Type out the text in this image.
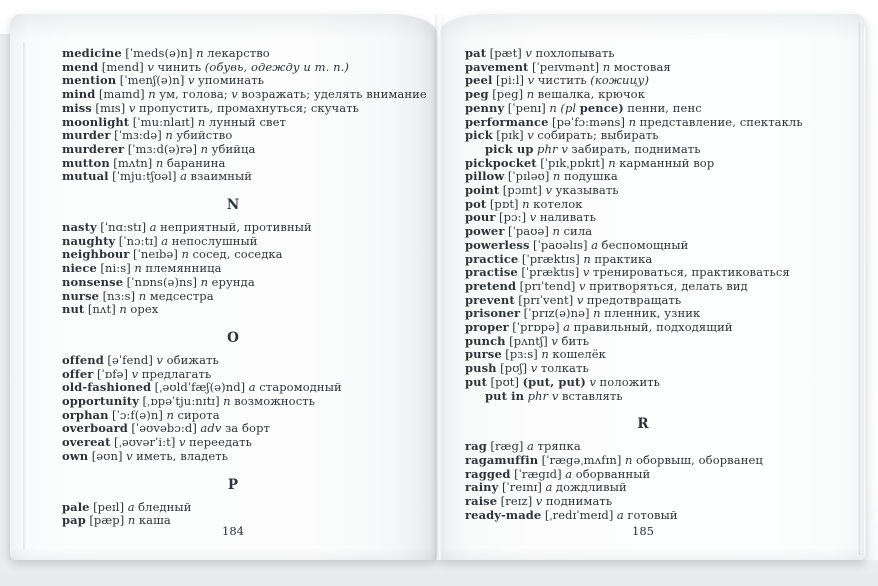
medicine [ˈmeds(ə)n] n лекарство
mend [mend] v чинить (обувь, одежду и т. п.)
mention [ˈmenʃ(ə)n] v упоминать
mind [maɪnd] n ум, голова; v возражать; уделять внимание
miss [mɪs] v пропустить, промахнуться; скучать
moonlight [ˈmu:nlaɪt] n лунный свет
murder [ˈmɜ:də] n убийство
murderer [ˈmɜ:d(ə)rə] n убийца
mutton [mʌtn] n баранина
mutual [ˈmju:tʃʊəl] a взаимный
N
nasty [ˈnɑ:stɪ] a неприятный, противный
naughty [ˈnɔ:tɪ] a непослушный
neighbour [ˈneɪbə] n сосед, соседка
niece [ni:s] n племянница
nonsense [ˈnɒns(ə)ns] n ерунда
nurse [nɜ:s] n медсестра
nut [nʌt] n орех
O
offend [əˈfend] v обижать
offer [ˈɒfə] v предлагать
old-fashioned [ˌəʊldˈfæʃ(ə)nd] a старомодный
opportunity [ˌɒpəˈtju:nɪtɪ] n возможность
orphan [ˈɔ:f(ə)n] n сирота
overboard [ˈəʊvəbɔ:d] adv за борт
overeat [ˌəʊvərˈi:t] v переедать
own [əʊn] v иметь, владеть
P
pale [peɪl] a бледный
pap [pæp] n каша
184
pat [pæt] v похлопывать
pavement [ˈpeɪvmənt] n мостовая
peel [pi:l] v чистить (кожицу)
peg [peg] n вешалка, крючок
penny [ˈpenɪ] n (pl pence) пенни, пенс
performance [pəˈfɔ:məns] n представление, спектакль
pick [pɪk] v собирать; выбирать
pick up phr v забирать, поднимать
pickpocket [ˈpɪkˌpɒkɪt] n карманный вор
pillow [ˈpɪləʊ] n подушка
point [pɔɪnt] v указывать
pot [pɒt] n котелок
pour [pɔ:] v наливать
power [ˈpaʊə] n сила
powerless [ˈpaʊəlɪs] a беспомощный
practice [ˈpræktɪs] n практика
practise [ˈpræktɪs] v тренироваться, практиковаться
pretend [prɪˈtend] v притворяться, делать вид
prevent [prɪˈvent] v предотвращать
prisoner [ˈprɪz(ə)nə] n пленник, узник
proper [ˈprɒpə] a правильный, подходящий
punch [pʌntʃ] v бить
purse [pɜ:s] n кошелёк
push [pʊʃ] v толкать
put [pʊt] (put, put) v положить
put in phr v вставлять
R
rag [ræg] a тряпка
ragamuffin [ˈrægəˌmʌfɪn] n оборвыш, оборванец
ragged [ˈrægɪd] a оборванный
rainy [ˈreɪnɪ] a дождливый
raise [reɪz] v поднимать
ready-made [ˌredɪˈmeɪd] a готовый
185
